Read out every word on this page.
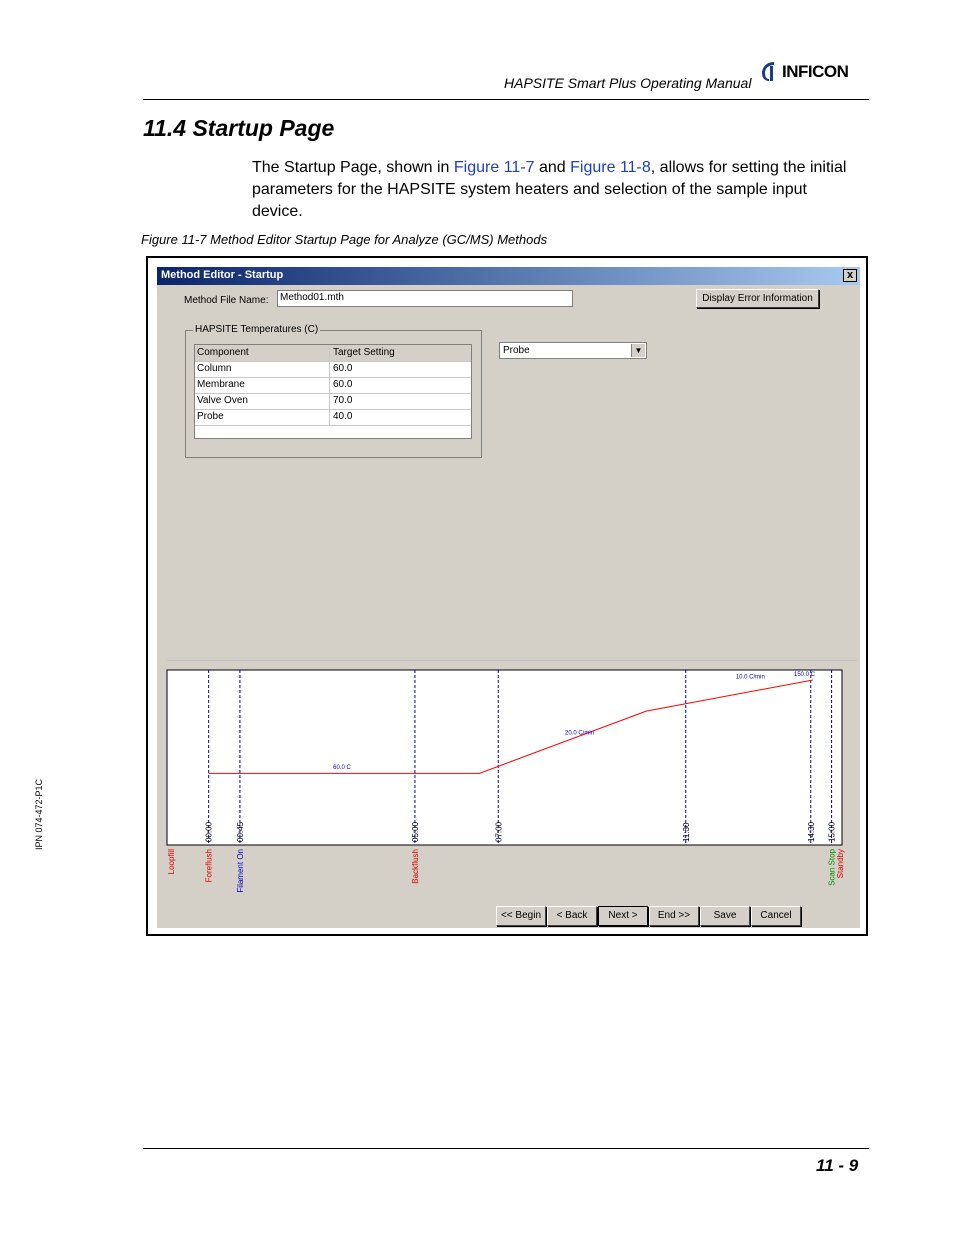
HAPSITE Smart Plus Operating Manual
INFICON
11.4 Startup Page
The Startup Page, shown in Figure 11-7 and Figure 11-8, allows for setting the initial parameters for the HAPSITE system heaters and selection of the sample input device.
Figure 11-7 Method Editor Startup Page for Analyze (GC/MS) Methods
Method Editor - Startup	x
Method File Name:	Method01.mth	Display Error Information
HAPSITE Temperatures (C)
Component	Target Setting
Column	60.0
Membrane	60.0
Valve Oven	70.0
Probe	40.0
Probe	▼
00:00	00:45	05:00	07:00	11:30	14:30 15:00
60.0 C
20.0 C/min
10.0 C/min	150.0 C
Loopfill	Foreflush	Filament On	Backflush	Scan Stop Standby
<< Begin	< Back	Next >	End >>	Save	Cancel
IPN 074-472-P1C
11 - 9
